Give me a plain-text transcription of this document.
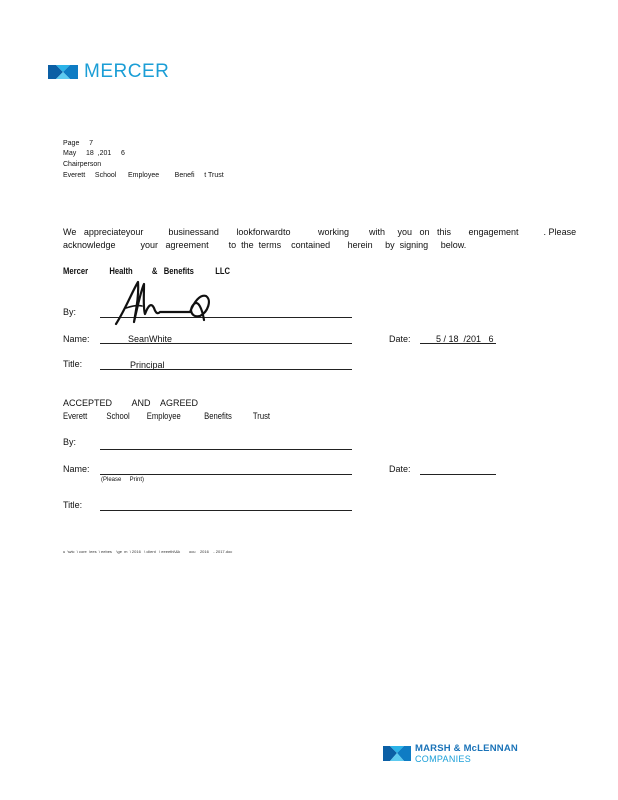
MERCER
Page     7
May     18  ,201     6
Chairperson
Everett     School      Employee        Benefi     t Trust
We   appreciateyour          businessand       lookforwardto           working        with     you   on   this       engagement          . Please
acknowledge          your   agreement        to  the  terms    contained       herein     by  signing     below.
Mercer          Health         &   Benefits          LLC
By:
Name:	SeanWhite	Date:	5 / 18  /201   6
Title:	Principal
ACCEPTED        AND    AGREED
Everett         School        Employee           Benefits          Trust
By:
Name:
(Please     Print)
Date:
Title:
u  \wtc  \ core  \ees  \ eebes    \ge  m  \ 2016   \ client   \ eeeethl\&k        ocu    2016    - 2017.doc
MARSH & McLENNAN
COMPANIES
